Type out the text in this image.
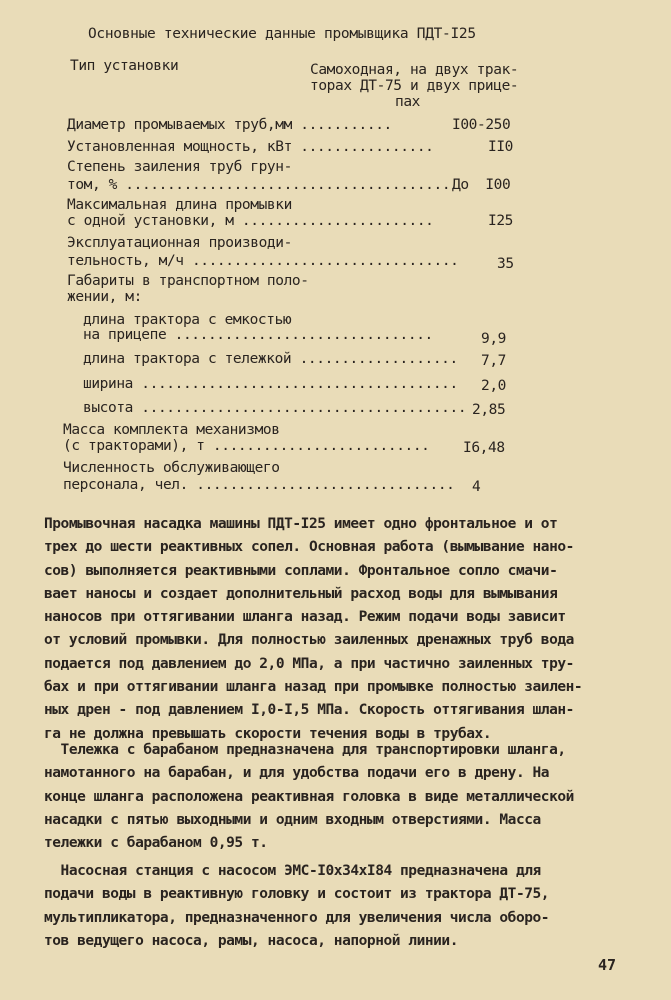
Основные технические данные промывщика ПДТ-I25
Тип установки	Самоходная, на двух трак-
торах ДТ-75 и двух прице-
пах
Диаметр промываемых труб,мм ...........	I00-250
Установленная мощность, кВт ................	II0
Степень заиления труб грун-
том, % ....................................... До  I00
Максимальная длина промывки
с одной установки, м .......................	I25
Эксплуатационная производи-
тельность, м/ч ................................	35
Габариты в транспортном поло-
жении, м:
длина трактора с емкостью
на прицепе ...............................	9,9
длина трактора с тележкой ................... 7,7
ширина ...................................... 2,0
высота ....................................... 2,85
Масса комплекта механизмов
(с тракторами), т .......................... I6,48
Численность обслуживающего
персонала, чел. ............................... 4
Промывочная насадка машины ПДТ-I25 имеет одно фронтальное и от
трех до шести реактивных сопел. Основная работа (вымывание нано-
сов) выполняется реактивными соплами. Фронтальное сопло смачи-
вает наносы и создает дополнительный расход воды для вымывания
наносов при оттягивании шланга назад. Режим подачи воды зависит
от условий промывки. Для полностью заиленных дренажных труб вода
подается под давлением до 2,0 МПа, а при частично заиленных тру-
бах и при оттягивании шланга назад при промывке полностью заилен-
ных дрен - под давлением I,0-I,5 МПа. Скорость оттягивания шлан-
га не должна превышать скорости течения воды в трубах.
Тележка с барабаном предназначена для транспортировки шланга,
намотанного на барабан, и для удобства подачи его в дрену. На
конце шланга расположена реактивная головка в виде металлической
насадки с пятью выходными и одним входным отверстиями. Масса
тележки с барабаном 0,95 т.
Насосная станция с насосом ЭМС-I0х34хI84 предназначена для
подачи воды в реактивную головку и состоит из трактора ДТ-75,
мультипликатора, предназначенного для увеличения числа оборо-
тов ведущего насоса, рамы, насоса, напорной линии.
47
